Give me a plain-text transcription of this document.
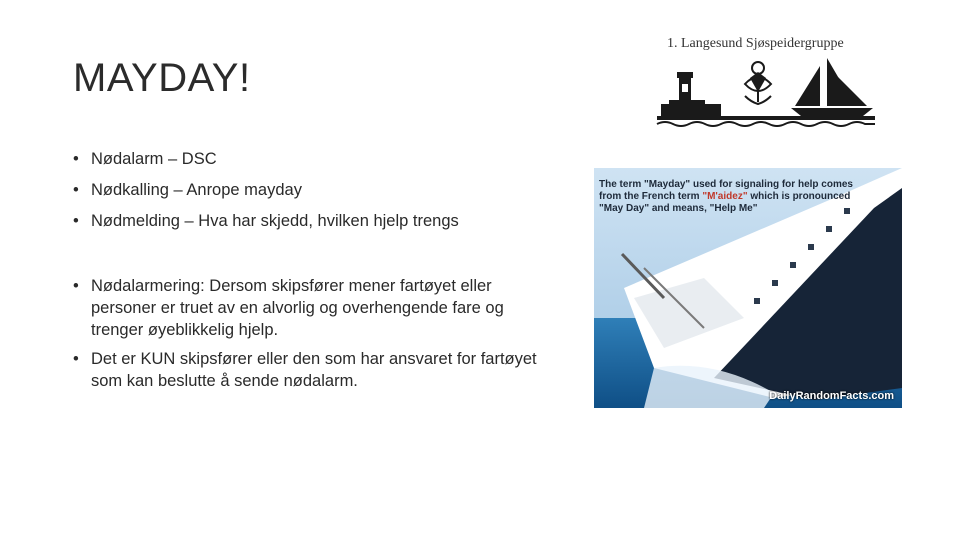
MAYDAY!
• Nødalarm – DSC
• Nødkalling – Anrope mayday
• Nødmelding – Hva har skjedd, hvilken hjelp trengs
• Nødalarmering: Dersom skipsfører mener fartøyet eller personer er truet av en alvorlig og overhengende fare og trenger øyeblikkelig hjelp.
• Det er KUN skipsfører eller den som har ansvaret for fartøyet som kan beslutte å sende nødalarm.
1. Langesund Sjøspeidergruppe
The term "Mayday" used for signaling for help comes from the French term "M'aidez" which is pronounced "May Day" and means, "Help Me"
DailyRandomFacts.com
